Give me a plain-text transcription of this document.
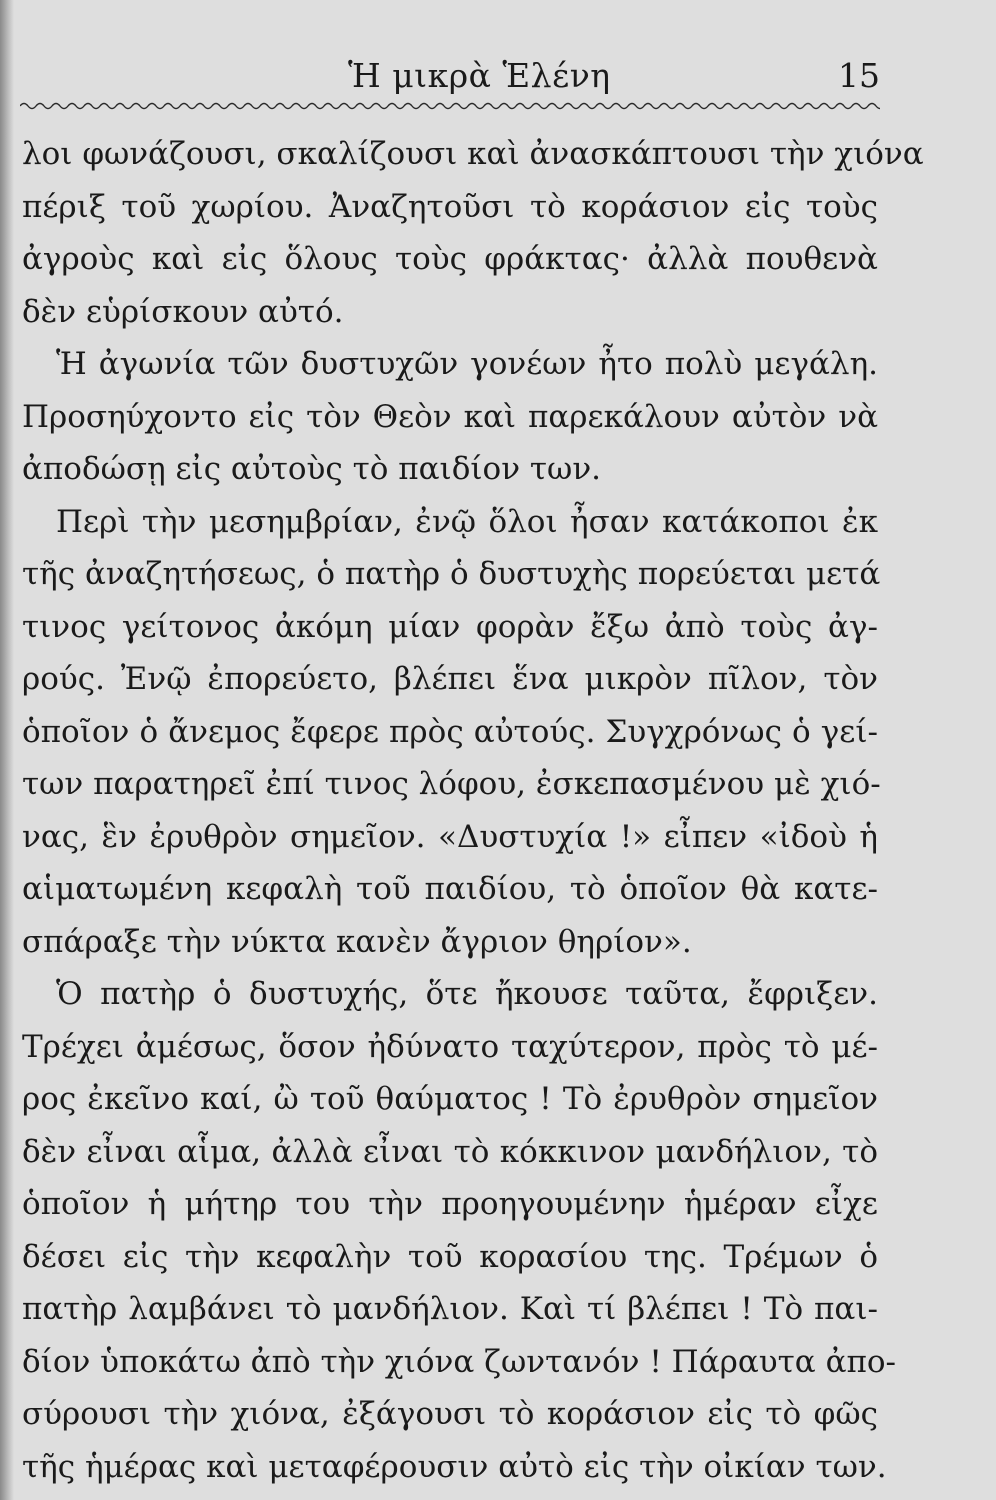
Ἡ μικρὰ Ἑλένη	15

λοι φωνάζουσι, σκαλίζουσι καὶ ἀνασκάπτουσι τὴν χιόνα
πέριξ τοῦ χωρίου. Ἀναζητοῦσι τὸ κοράσιον εἰς τοὺς
ἀγροὺς καὶ εἰς ὅλους τοὺς φράκτας· ἀλλὰ πουθενὰ
δὲν εὑρίσκουν αὐτό.

Ἡ ἀγωνία τῶν δυστυχῶν γονέων ἦτο πολὺ μεγάλη.
Προσηύχοντο εἰς τὸν Θεὸν καὶ παρεκάλουν αὐτὸν νὰ
ἀποδώσῃ εἰς αὐτοὺς τὸ παιδίον των.

Περὶ τὴν μεσημβρίαν, ἐνῷ ὅλοι ἦσαν κατάκοποι ἐκ
τῆς ἀναζητήσεως, ὁ πατὴρ ὁ δυστυχὴς πορεύεται μετά
τινος γείτονος ἀκόμη μίαν φορὰν ἔξω ἀπὸ τοὺς ἀγ-
ρούς. Ἐνῷ ἐπορεύετο, βλέπει ἕνα μικρὸν πῖλον, τὸν
ὁποῖον ὁ ἄνεμος ἔφερε πρὸς αὐτούς. Συγχρόνως ὁ γεί-
των παρατηρεῖ ἐπί τινος λόφου, ἐσκεπασμένου μὲ χιό-
νας, ἓν ἐρυθρὸν σημεῖον. «Δυστυχία !» εἶπεν «ἰδοὺ ἡ
αἱματωμένη κεφαλὴ τοῦ παιδίου, τὸ ὁποῖον θὰ κατε-
σπάραξε τὴν νύκτα κανὲν ἄγριον θηρίον».

Ὁ πατὴρ ὁ δυστυχής, ὅτε ἤκουσε ταῦτα, ἔφριξεν.
Τρέχει ἀμέσως, ὅσον ἠδύνατο ταχύτερον, πρὸς τὸ μέ-
ρος ἐκεῖνο καί, ὢ τοῦ θαύματος ! Τὸ ἐρυθρὸν σημεῖον
δὲν εἶναι αἷμα, ἀλλὰ εἶναι τὸ κόκκινον μανδήλιον, τὸ
ὁποῖον ἡ μήτηρ του τὴν προηγουμένην ἡμέραν εἶχε
δέσει εἰς τὴν κεφαλὴν τοῦ κορασίου της. Τρέμων ὁ
πατὴρ λαμβάνει τὸ μανδήλιον. Καὶ τί βλέπει ! Τὸ παι-
δίον ὑποκάτω ἀπὸ τὴν χιόνα ζωντανόν ! Πάραυτα ἀπο-
σύρουσι τὴν χιόνα, ἐξάγουσι τὸ κοράσιον εἰς τὸ φῶς
τῆς ἡμέρας καὶ μεταφέρουσιν αὐτὸ εἰς τὴν οἰκίαν των.
